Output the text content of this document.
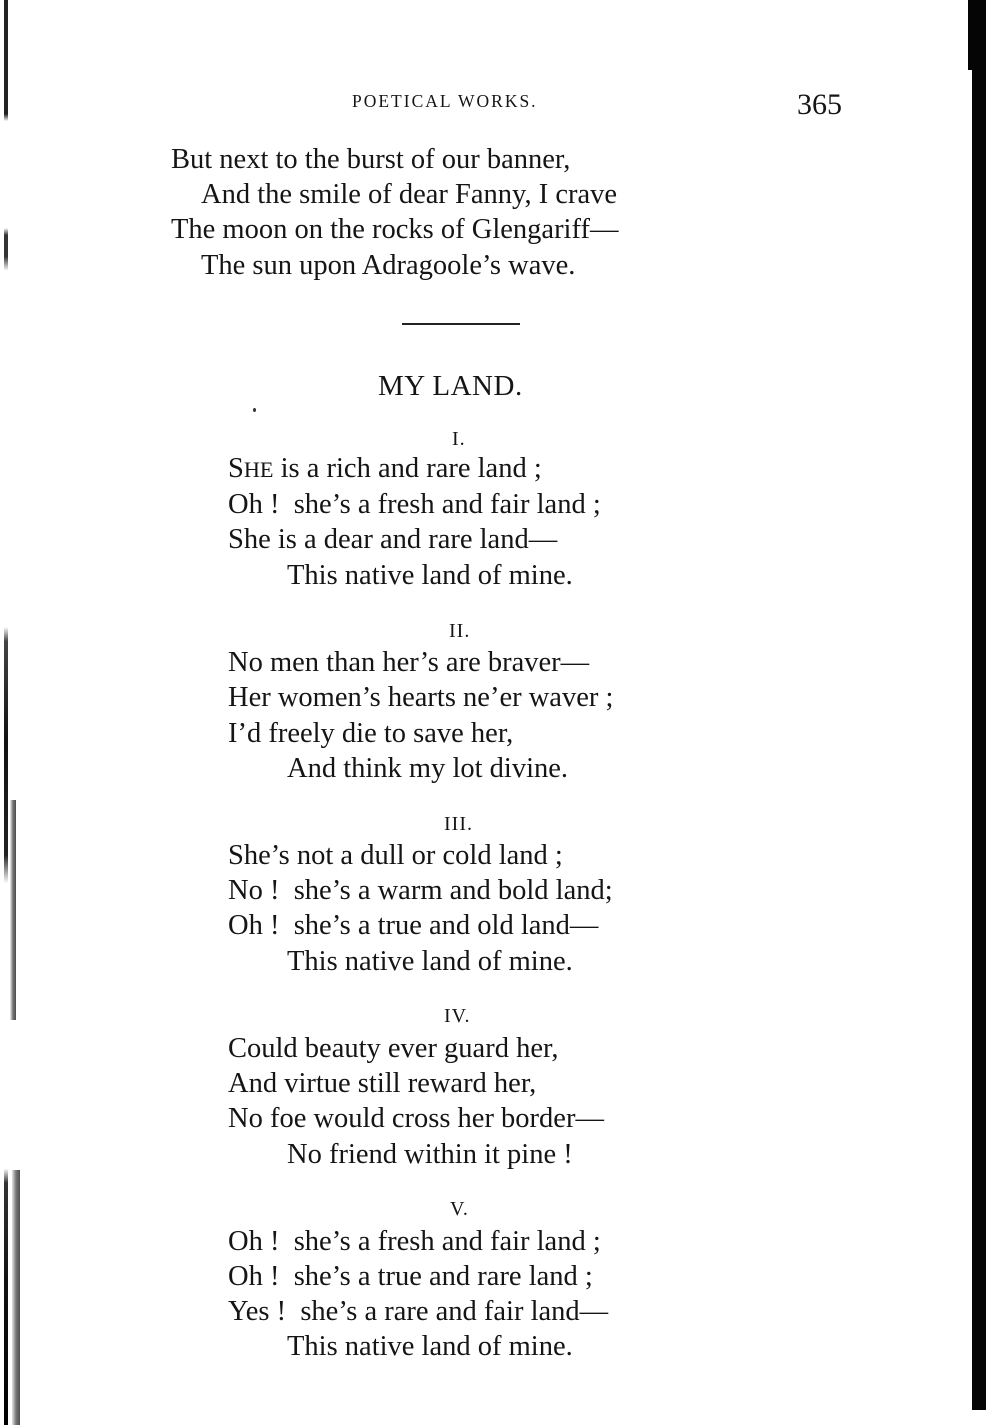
POETICAL WORKS.	365
But next to the burst of our banner,
And the smile of dear Fanny, I crave
The moon on the rocks of Glengariff—
The sun upon Adragoole’s wave.
MY LAND.
I.
SHE is a rich and rare land ;
Oh !  she’s a fresh and fair land ;
She is a dear and rare land—
This native land of mine.
II.
No men than her’s are braver—
Her women’s hearts ne’er waver ;
I’d freely die to save her,
And think my lot divine.
III.
She’s not a dull or cold land ;
No !  she’s a warm and bold land;
Oh !  she’s a true and old land—
This native land of mine.
IV.
Could beauty ever guard her,
And virtue still reward her,
No foe would cross her border—
No friend within it pine !
V.
Oh !  she’s a fresh and fair land ;
Oh !  she’s a true and rare land ;
Yes !  she’s a rare and fair land—
This native land of mine.
